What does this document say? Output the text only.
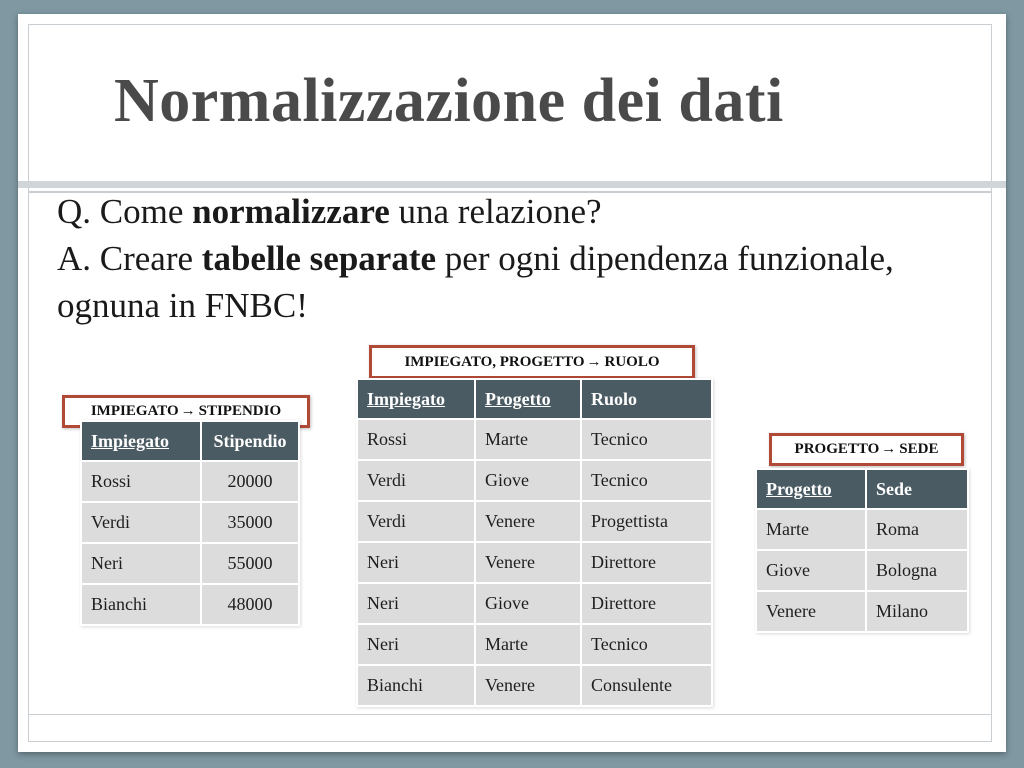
Normalizzazione dei dati

Q. Come normalizzare una relazione?

A. Creare tabelle separate per ogni dipendenza funzionale, ognuna in FNBC!

IMPIEGATO → STIPENDIO
IMPIEGATO, PROGETTO → RUOLO
PROGETTO → SEDE
Impiegato	Stipendio
Rossi	20000
Verdi	35000
Neri	55000
Bianchi	48000
Impiegato	Progetto	Ruolo
Rossi	Marte	Tecnico
Verdi	Giove	Tecnico
Verdi	Venere	Progettista
Neri	Venere	Direttore
Neri	Giove	Direttore
Neri	Marte	Tecnico
Bianchi	Venere	Consulente
Progetto	Sede
Marte	Roma
Giove	Bologna
Venere	Milano
